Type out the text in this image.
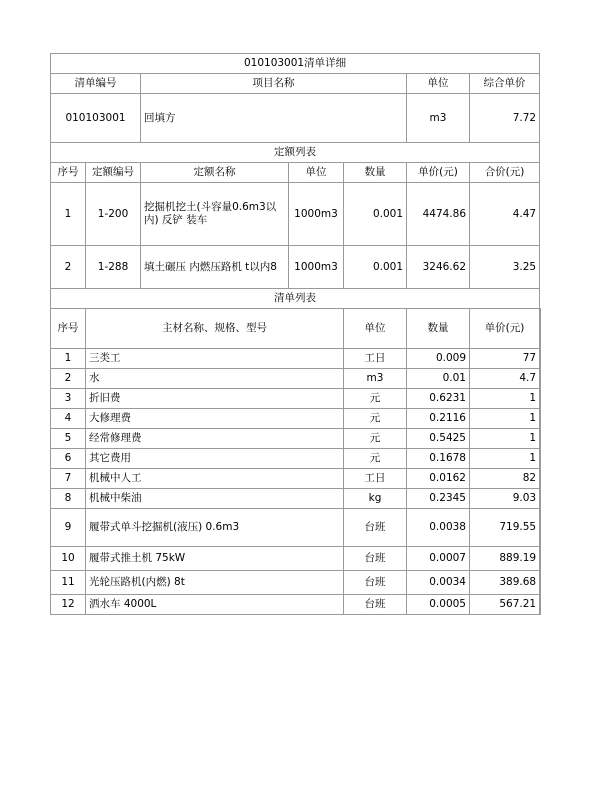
010103001清单详细							
清单编号		项目名称			单位	综合单价	
010103001		回填方			m3	7.72	
定额列表							
序号	定额编号	定额名称	单位	数量	单价(元)	合价(元)	
1	1-200	挖掘机挖土(斗容量0.6m3以内) 反铲 装车	1000m3	0.001	4474.86	4.47	
2	1-288	填土碾压 内燃压路机 t以内8	1000m3	0.001	3246.62	3.25	
清单列表							
序号	主材名称、规格、型号			单位	数量	单价(元)	
1	三类工			工日	0.009	77	
2	水			m3	0.01	4.7	
3	折旧费			元	0.6231	1	
4	大修理费			元	0.2116	1	
5	经常修理费			元	0.5425	1	
6	其它费用			元	0.1678	1	
7	机械中人工			工日	0.0162	82	
8	机械中柴油			kg	0.2345	9.03	
9	履带式单斗挖掘机(液压) 0.6m3			台班	0.0038	719.55	
10	履带式推土机 75kW			台班	0.0007	889.19	
11	光轮压路机(内燃) 8t			台班	0.0034	389.68	
12	洒水车 4000L			台班	0.0005	567.21	
